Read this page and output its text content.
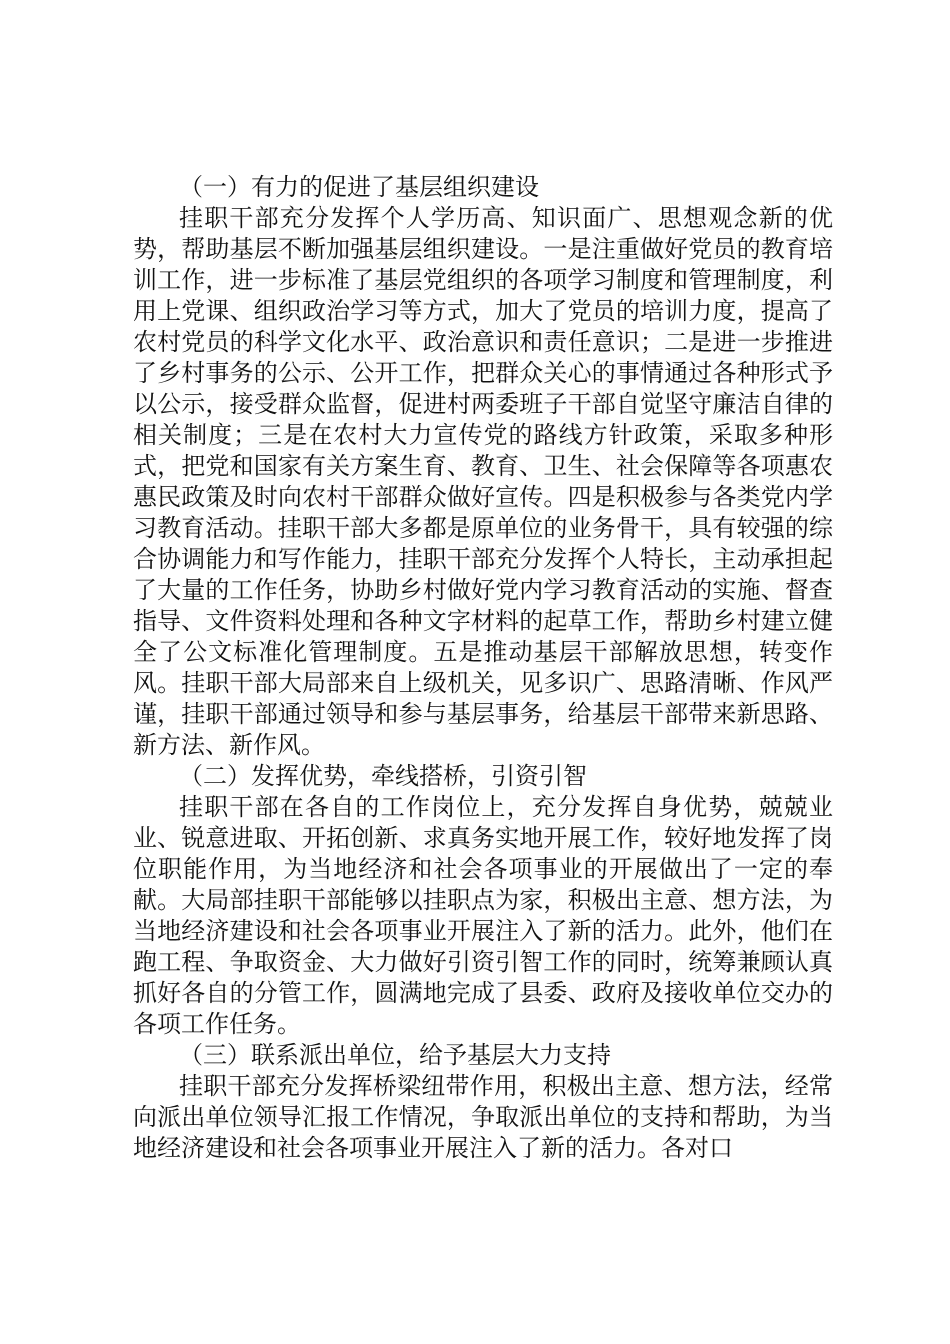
（一）有力的促进了基层组织建设

挂职干部充分发挥个人学历高、知识面广、思想观念新的优势，帮助基层不断加强基层组织建设。一是注重做好党员的教育培训工作，进一步标准了基层党组织的各项学习制度和管理制度，利用上党课、组织政治学习等方式，加大了党员的培训力度，提高了农村党员的科学文化水平、政治意识和责任意识；二是进一步推进了乡村事务的公示、公开工作，把群众关心的事情通过各种形式予以公示，接受群众监督，促进村两委班子干部自觉坚守廉洁自律的相关制度；三是在农村大力宣传党的路线方针政策，采取多种形式，把党和国家有关方案生育、教育、卫生、社会保障等各项惠农惠民政策及时向农村干部群众做好宣传。四是积极参与各类党内学习教育活动。挂职干部大多都是原单位的业务骨干，具有较强的综合协调能力和写作能力，挂职干部充分发挥个人特长，主动承担起了大量的工作任务，协助乡村做好党内学习教育活动的实施、督查指导、文件资料处理和各种文字材料的起草工作，帮助乡村建立健全了公文标准化管理制度。五是推动基层干部解放思想，转变作风。挂职干部大局部来自上级机关，见多识广、思路清晰、作风严谨，挂职干部通过领导和参与基层事务，给基层干部带来新思路、新方法、新作风。

（二）发挥优势，牵线搭桥，引资引智

挂职干部在各自的工作岗位上，充分发挥自身优势，兢兢业业、锐意进取、开拓创新、求真务实地开展工作，较好地发挥了岗位职能作用，为当地经济和社会各项事业的开展做出了一定的奉献。大局部挂职干部能够以挂职点为家，积极出主意、想方法，为当地经济建设和社会各项事业开展注入了新的活力。此外，他们在跑工程、争取资金、大力做好引资引智工作的同时，统筹兼顾认真抓好各自的分管工作，圆满地完成了县委、政府及接收单位交办的各项工作任务。

（三）联系派出单位，给予基层大力支持

挂职干部充分发挥桥梁纽带作用，积极出主意、想方法，经常向派出单位领导汇报工作情况，争取派出单位的支持和帮助，为当地经济建设和社会各项事业开展注入了新的活力。各对口
